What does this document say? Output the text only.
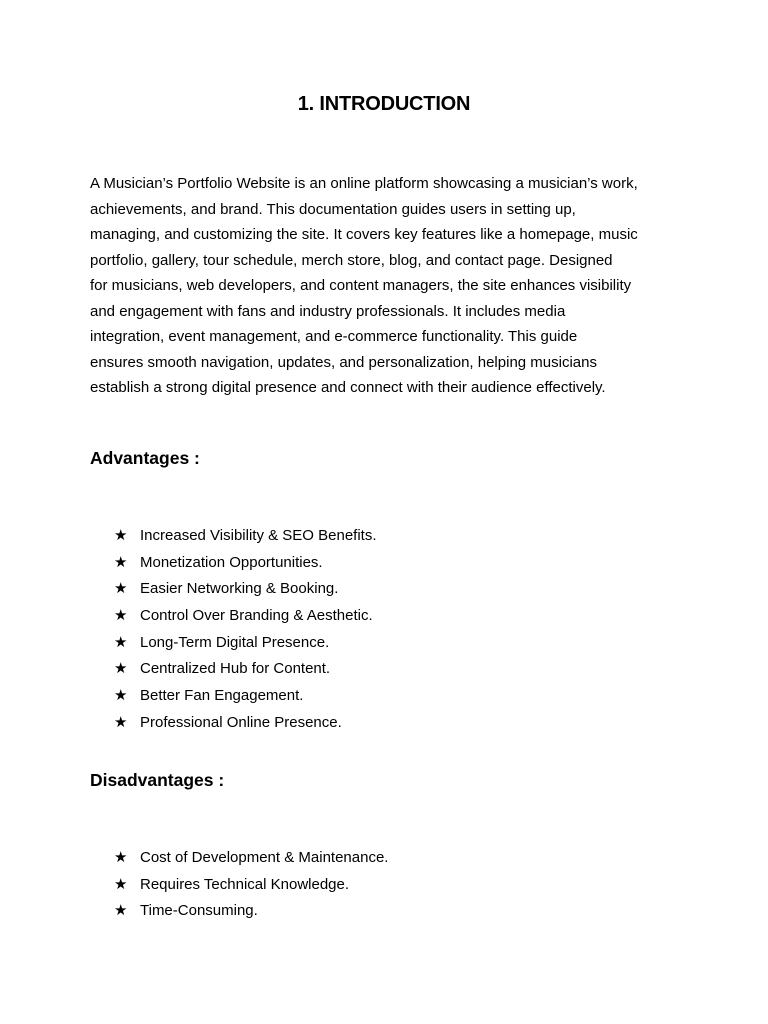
1. INTRODUCTION

A Musician’s Portfolio Website is an online platform showcasing a musician’s work,
achievements, and brand. This documentation guides users in setting up,
managing, and customizing the site. It covers key features like a homepage, music
portfolio, gallery, tour schedule, merch store, blog, and contact page. Designed
for musicians, web developers, and content managers, the site enhances visibility
and engagement with fans and industry professionals. It includes media
integration, event management, and e-commerce functionality. This guide
ensures smooth navigation, updates, and personalization, helping musicians
establish a strong digital presence and connect with their audience effectively.

Advantages :
★ Increased Visibility & SEO Benefits.
★ Monetization Opportunities.
★ Easier Networking & Booking.
★ Control Over Branding & Aesthetic.
★ Long-Term Digital Presence.
★ Centralized Hub for Content.
★ Better Fan Engagement.
★ Professional Online Presence.
Disadvantages :
★ Cost of Development & Maintenance.
★ Requires Technical Knowledge.
★ Time-Consuming.
